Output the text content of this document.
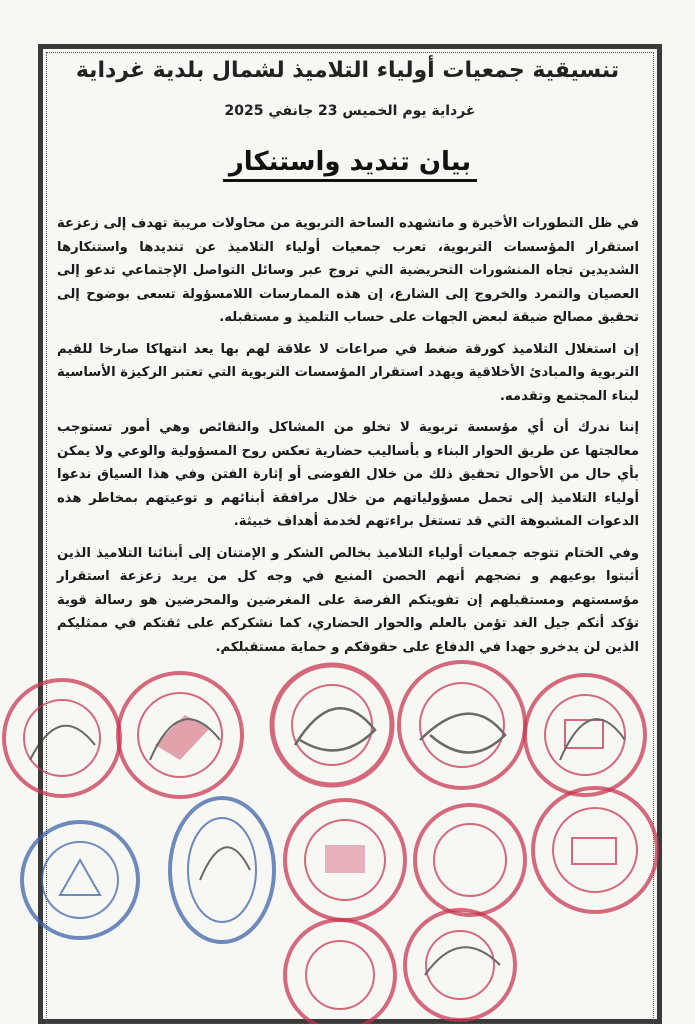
تنسيقية جمعيات أولياء التلاميذ لشمال بلدية غرداية
غرداية يوم الخميس 23 جانفي 2025
بيان تنديد واستنكار

في ظل التطورات الأخيرة و ماتشهده الساحة التربوية من محاولات مريبة تهدف إلى زعزعة استقرار المؤسسات التربوية، تعرب جمعيات أولياء التلاميذ عن تنديدها واستنكارها الشديدين تجاه المنشورات التحريضية التي تروج عبر وسائل التواصل الإجتماعي تدعو إلى العصيان والتمرد والخروج إلى الشارع، إن هذه الممارسات اللامسؤولة تسعى بوضوح إلى تحقيق مصالح ضيقة لبعض الجهات على حساب التلميذ و مستقبله.

إن استغلال التلاميذ كورقة ضغط في صراعات لا علاقة لهم بها يعد انتهاكا صارخا للقيم التربوية والمبادئ الأخلاقية ويهدد استقرار المؤسسات التربوية التي تعتبر الركيزة الأساسية لبناء المجتمع وتقدمه.

إننا ندرك أن أي مؤسسة تربوية لا تخلو من المشاكل والنقائص وهي أمور تستوجب معالجتها عن طريق الحوار البناء و بأساليب حضارية تعكس روح المسؤولية والوعي ولا يمكن بأي حال من الأحوال تحقيق ذلك من خلال الفوضى أو إثارة الفتن وفي هذا السياق ندعوا أولياء التلاميذ إلى تحمل مسؤولياتهم من خلال مرافقة أبنائهم و توعيتهم بمخاطر هذه الدعوات المشبوهة التي قد تستغل براءتهم لخدمة أهداف خبيثة.

وفي الختام تتوجه جمعيات أولياء التلاميذ بخالص الشكر و الإمتنان إلى أبنائنا التلاميذ الذين أثبتوا بوعيهم و نضجهم أنهم الحصن المنيع في وجه كل من يريد زعزعة استقرار مؤسستهم ومستقبلهم إن تفويتكم الفرصة على المغرضين والمحرضين هو رسالة قوية تؤكد أنكم جيل الغد تؤمن بالعلم والحوار الحضاري، كما نشكركم على ثقتكم في ممثليكم الذين لن يدخرو جهدا في الدفاع على حقوقكم و حماية مستقبلكم.
